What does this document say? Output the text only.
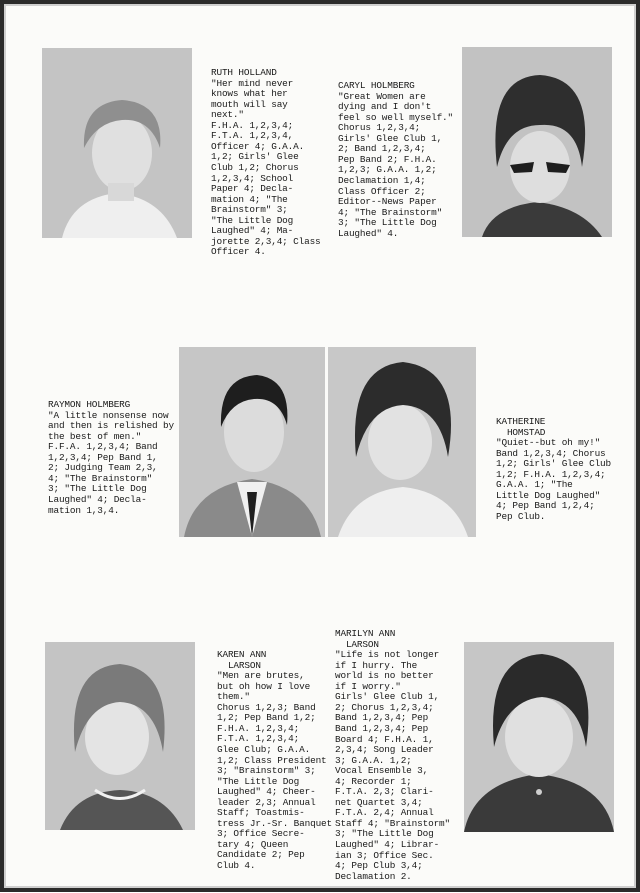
RUTH HOLLAND
"Her mind never
knows what her
mouth will say
next."
F.H.A. 1,2,3,4;
F.T.A. 1,2,3,4,
Officer 4; G.A.A.
1,2; Girls' Glee
Club 1,2; Chorus
1,2,3,4; School
Paper 4; Decla-
mation 4; "The
Brainstorm" 3;
"The Little Dog
Laughed" 4; Ma-
jorette 2,3,4; Class
Officer 4.

CARYL HOLMBERG
"Great Women are
dying and I don't
feel so well myself."
Chorus 1,2,3,4;
Girls' Glee Club 1,
2; Band 1,2,3,4;
Pep Band 2; F.H.A.
1,2,3; G.A.A. 1,2;
Declamation 1,4;
Class Officer 2;
Editor--News Paper
4; "The Brainstorm"
3; "The Little Dog
Laughed" 4.

RAYMON HOLMBERG
"A little nonsense now
and then is relished by
the best of men."
F.F.A. 1,2,3,4; Band
1,2,3,4; Pep Band 1,
2; Judging Team 2,3,
4; "The Brainstorm"
3; "The Little Dog
Laughed" 4; Decla-
mation 1,3,4.

KATHERINE
HOMSTAD
"Quiet--but oh my!"
Band 1,2,3,4; Chorus
1,2; Girls' Glee Club
1,2; F.H.A. 1,2,3,4;
G.A.A. 1; "The
Little Dog Laughed"
4; Pep Band 1,2,4;
Pep Club.

KAREN ANN
LARSON
"Men are brutes,
but oh how I love
them."
Chorus 1,2,3; Band
1,2; Pep Band 1,2;
F.H.A. 1,2,3,4;
F.T.A. 1,2,3,4;
Glee Club; G.A.A.
1,2; Class President
3; "Brainstorm" 3;
"The Little Dog
Laughed" 4; Cheer-
leader 2,3; Annual
Staff; Toastmis-
tress Jr.-Sr. Banquet
3; Office Secre-
tary 4; Queen
Candidate 2; Pep
Club 4.

MARILYN ANN
LARSON
"Life is not longer
if I hurry. The
world is no better
if I worry."
Girls' Glee Club 1,
2; Chorus 1,2,3,4;
Band 1,2,3,4; Pep
Band 1,2,3,4; Pep
Board 4; F.H.A. 1,
2,3,4; Song Leader
3; G.A.A. 1,2;
Vocal Ensemble 3,
4; Recorder 1;
F.T.A. 2,3; Clari-
net Quartet 3,4;
F.T.A. 2,4; Annual
Staff 4; "Brainstorm"
3; "The Little Dog
Laughed" 4; Librar-
ian 3; Office Sec.
4; Pep Club 3,4;
Declamation 2.
